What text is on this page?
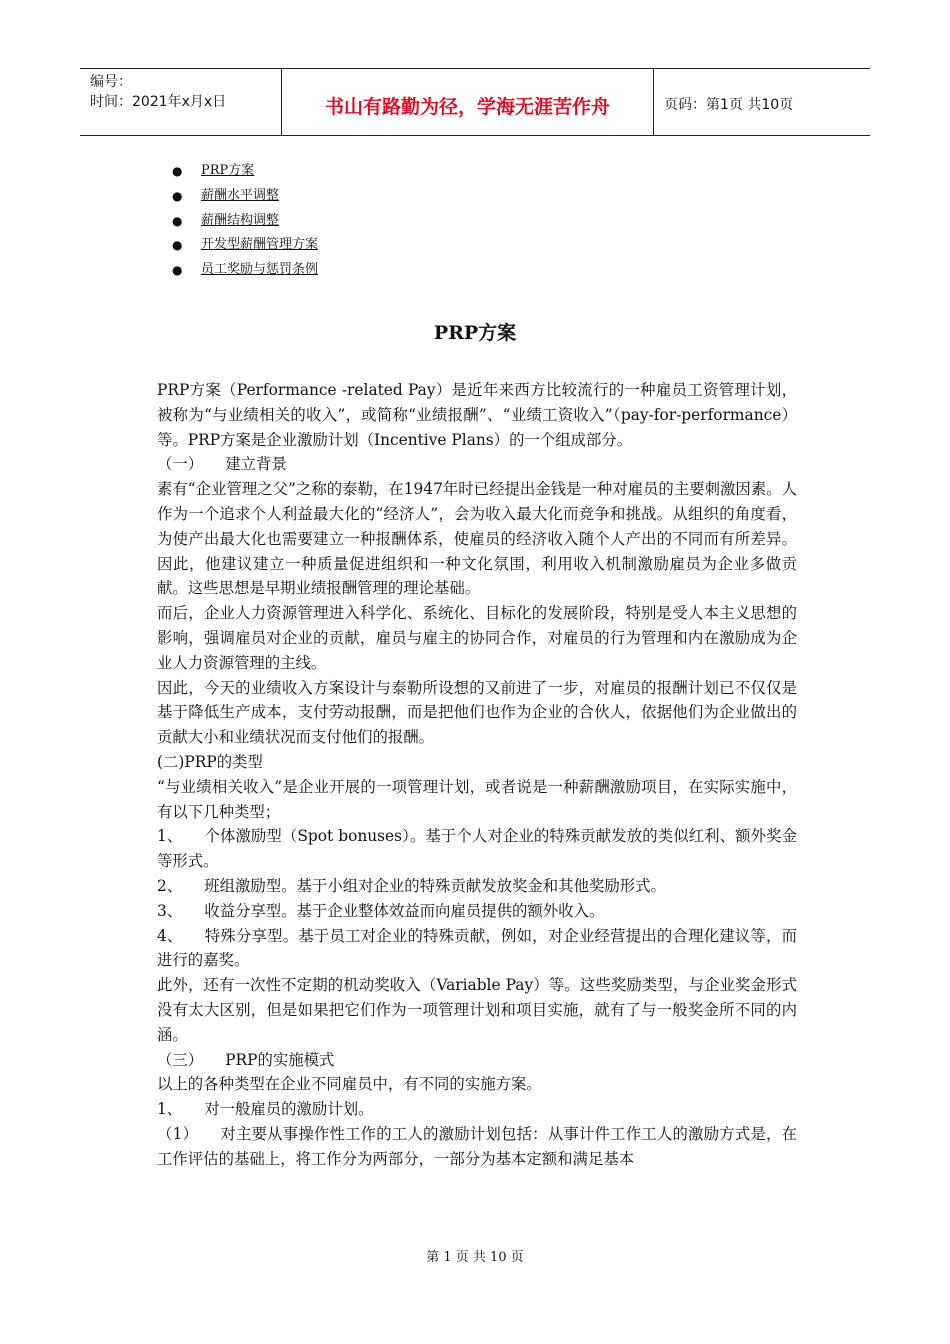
编号：
时间：2021年x月x日	书山有路勤为径，学海无涯苦作舟	页码：第1页 共10页
● PRP方案
● 薪酬水平调整
● 薪酬结构调整
● 开发型薪酬管理方案
● 员工奖励与惩罚条例
PRP方案

PRP方案（Performance -related Pay）是近年来西方比较流行的一种雇员工资管理计划，被称为“与业绩相关的收入”，或简称“业绩报酬”、“业绩工资收入”（pay-for-performance）等。PRP方案是企业激励计划（Incentive Plans）的一个组成部分。

（一） 建立背景

素有“企业管理之父”之称的泰勒，在1947年时已经提出金钱是一种对雇员的主要刺激因素。人作为一个追求个人利益最大化的“经济人”，会为收入最大化而竞争和挑战。从组织的角度看，为使产出最大化也需要建立一种报酬体系，使雇员的经济收入随个人产出的不同而有所差异。因此，他建议建立一种质量促进组织和一种文化氛围，利用收入机制激励雇员为企业多做贡献。这些思想是早期业绩报酬管理的理论基础。

而后，企业人力资源管理进入科学化、系统化、目标化的发展阶段，特别是受人本主义思想的影响，强调雇员对企业的贡献，雇员与雇主的协同合作，对雇员的行为管理和内在激励成为企业人力资源管理的主线。

因此，今天的业绩收入方案设计与泰勒所设想的又前进了一步，对雇员的报酬计划已不仅仅是基于降低生产成本，支付劳动报酬，而是把他们也作为企业的合伙人，依据他们为企业做出的贡献大小和业绩状况而支付他们的报酬。

(二)PRP的类型

“与业绩相关收入”是企业开展的一项管理计划，或者说是一种薪酬激励项目，在实际实施中，有以下几种类型；

1、 个体激励型（Spot bonuses）。基于个人对企业的特殊贡献发放的类似红利、额外奖金等形式。

2、 班组激励型。基于小组对企业的特殊贡献发放奖金和其他奖励形式。

3、 收益分享型。基于企业整体效益而向雇员提供的额外收入。

4、 特殊分享型。基于员工对企业的特殊贡献，例如，对企业经营提出的合理化建议等，而进行的嘉奖。

此外，还有一次性不定期的机动奖收入（Variable Pay）等。这些奖励类型，与企业奖金形式没有太大区别，但是如果把它们作为一项管理计划和项目实施，就有了与一般奖金所不同的内涵。

（三） PRP的实施模式

以上的各种类型在企业不同雇员中，有不同的实施方案。

1、 对一般雇员的激励计划。

（1） 对主要从事操作性工作的工人的激励计划包括：从事计件工作工人的激励方式是，在工作评估的基础上，将工作分为两部分，一部分为基本定额和满足基本

第 1 页 共 10 页
